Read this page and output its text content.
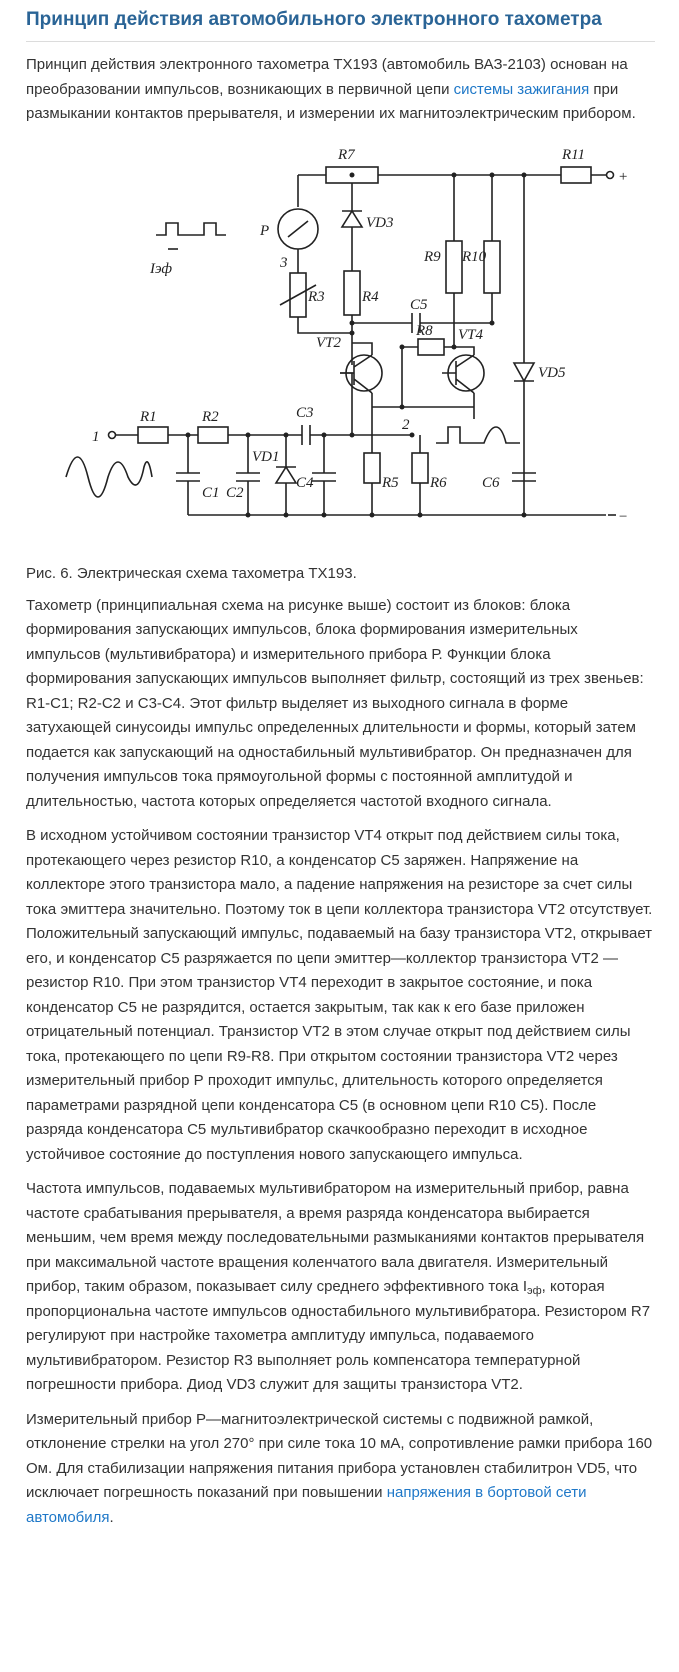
Принцип действия автомобильного электронного тахометра

Принцип действия электронного тахометра ТХ193 (автомобиль ВАЗ-2103) основан на преобразовании импульсов, возникающих в первичной цепи системы зажигания при размыкании контактов прерывателя, и измерении их магнитоэлектрическим прибором.

R7	R11
+
−
P	VD3
3
R3 R4
R9 R10
C5
R8
VT2	VT4
VD5
1
R1	R2	C3
2
VD1
C4	R5 R6
C1 C2
C6
Iэф

Рис. 6. Электрическая схема тахометра ТХ193.

Тахометр (принципиальная схема на рисунке выше) состоит из блоков: блока формирования запускающих импульсов, блока формирования измерительных импульсов (мультивибратора) и измерительного прибора Р. Функции блока формирования запускающих импульсов выполняет фильтр, состоящий из трех звеньев: R1-C1; R2-C2 и С3-С4. Этот фильтр выделяет из выходного сигнала в форме затухающей синусоиды импульс определенных длительности и формы, который затем подается как запускающий на одностабильный мультивибратор. Он предназначен для получения импульсов тока прямоугольной формы с постоянной амплитудой и длительностью, частота которых определяется частотой входного сигнала.

В исходном устойчивом состоянии транзистор VT4 открыт под действием силы тока, протекающего через резистор R10, а конденсатор С5 заряжен. Напряжение на коллекторе этого транзистора мало, а падение напряжения на резисторе за счет силы тока эмиттера значительно. Поэтому ток в цепи коллектора транзистора VT2 отсутствует. Положительный запускающий импульс, подаваемый на базу транзистора VT2, открывает его, и конденсатор С5 разряжается по цепи эмиттер—коллектор транзистора VT2 — резистор R10. При этом транзистор VT4 переходит в закрытое состояние, и пока конденсатор С5 не разрядится, остается закрытым, так как к его базе приложен отрицательный потенциал. Транзистор VT2 в этом случае открыт под действием силы тока, протекающего по цепи R9-R8. При открытом состоянии транзистора VT2 через измерительный прибор Р проходит импульс, длительность которого определяется параметрами разрядной цепи конденсатора С5 (в основном цепи R10 С5). После разряда конденсатора С5 мультивибратор скачкообразно переходит в исходное устойчивое состояние до поступления нового запускающего импульса.

Частота импульсов, подаваемых мультивибратором на измерительный прибор, равна частоте срабатывания прерывателя, а время разряда конденсатора выбирается меньшим, чем время между последовательными размыканиями контактов прерывателя при максимальной частоте вращения коленчатого вала двигателя. Измерительный прибор, таким образом, показывает силу среднего эффективного тока $I_{эф}$, которая пропорциональна частоте импульсов одностабильного мультивибратора. Резистором R7 регулируют при настройке тахометра амплитуду импульса, подаваемого мультивибратором. Резистор R3 выполняет роль компенсатора температурной погрешности прибора. Диод VD3 служит для защиты транзистора VT2.

Измерительный прибор Р—магнитоэлектрической системы с подвижной рамкой, отклонение стрелки на угол 270° при силе тока 10 мА, сопротивление рамки прибора 160 Ом. Для стабилизации напряжения питания прибора установлен стабилитрон VD5, что исключает погрешность показаний при повышении напряжения в бортовой сети автомобиля.
